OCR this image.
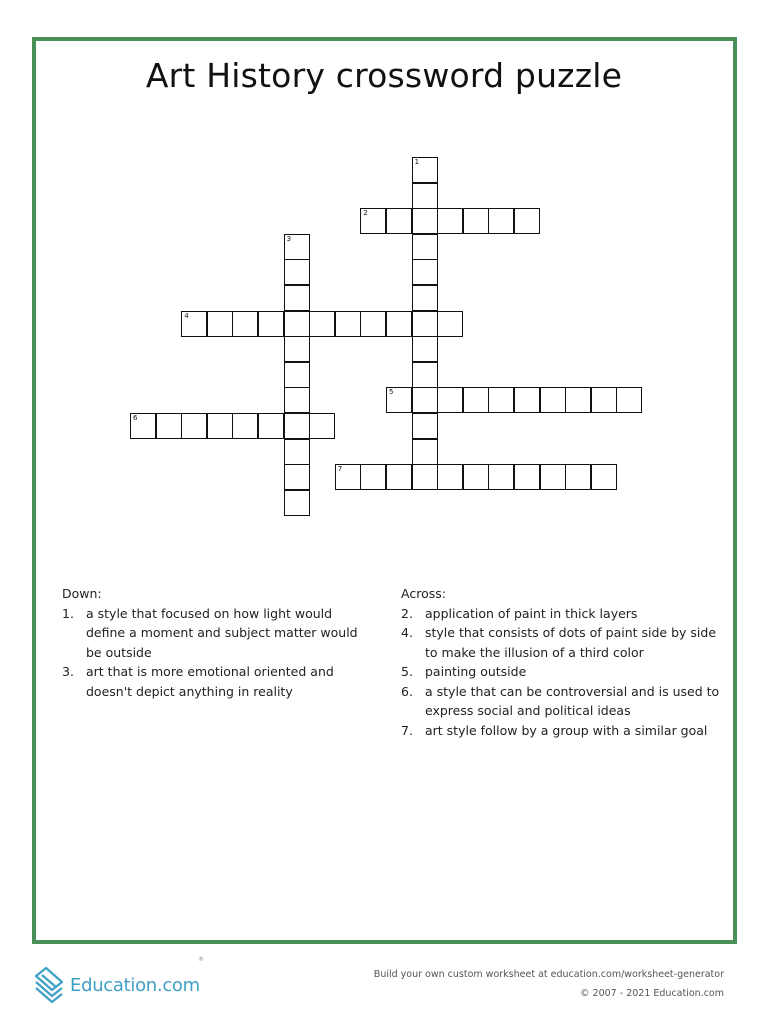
Art History crossword puzzle
1
2
3
4
5
6
7
Down:
1. a style that focused on how light would define a moment and subject matter would be outside
3. art that is more emotional oriented and doesn't depict anything in reality
Across:
2. application of paint in thick layers
4. style that consists of dots of paint side by side to make the illusion of a third color
5. painting outside
6. a style that can be controversial and is used to express social and political ideas
7. art style follow by a group with a similar goal
Education.com
®
Build your own custom worksheet at education.com/worksheet-generator
© 2007 - 2021 Education.com
